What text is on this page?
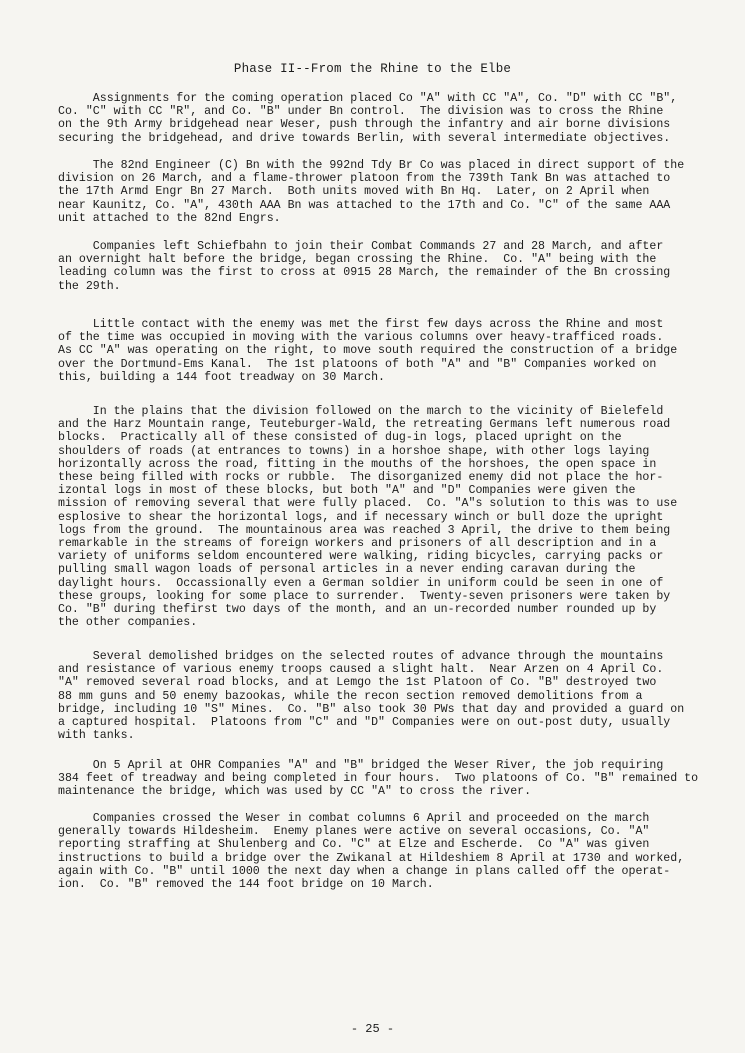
Phase II--From the Rhine to the Elbe

Assignments for the coming operation placed Co "A" with CC "A", Co. "D" with CC "B",
Co. "C" with CC "R", and Co. "B" under Bn control.  The division was to cross the Rhine
on the 9th Army bridgehead near Weser, push through the infantry and air borne divisions
securing the bridgehead, and drive towards Berlin, with several intermediate objectives.

The 82nd Engineer (C) Bn with the 992nd Tdy Br Co was placed in direct support of the
division on 26 March, and a flame-thrower platoon from the 739th Tank Bn was attached to
the 17th Armd Engr Bn 27 March.  Both units moved with Bn Hq.  Later, on 2 April when
near Kaunitz, Co. "A", 430th AAA Bn was attached to the 17th and Co. "C" of the same AAA
unit attached to the 82nd Engrs.

Companies left Schiefbahn to join their Combat Commands 27 and 28 March, and after
an overnight halt before the bridge, began crossing the Rhine.  Co. "A" being with the
leading column was the first to cross at 0915 28 March, the remainder of the Bn crossing
the 29th.

Little contact with the enemy was met the first few days across the Rhine and most
of the time was occupied in moving with the various columns over heavy-trafficed roads.
As CC "A" was operating on the right, to move south required the construction of a bridge
over the Dortmund-Ems Kanal.  The 1st platoons of both "A" and "B" Companies worked on
this, building a 144 foot treadway on 30 March.

In the plains that the division followed on the march to the vicinity of Bielefeld
and the Harz Mountain range, Teuteburger-Wald, the retreating Germans left numerous road
blocks.  Practically all of these consisted of dug-in logs, placed upright on the
shoulders of roads (at entrances to towns) in a horshoe shape, with other logs laying
horizontally across the road, fitting in the mouths of the horshoes, the open space in
these being filled with rocks or rubble.  The disorganized enemy did not place the hor-
izontal logs in most of these blocks, but both "A" and "D" Companies were given the
mission of removing several that were fully placed.  Co. "A"s solution to this was to use
esplosive to shear the horizontal logs, and if necessary winch or bull doze the upright
logs from the ground.  The mountainous area was reached 3 April, the drive to them being
remarkable in the streams of foreign workers and prisoners of all description and in a
variety of uniforms seldom encountered were walking, riding bicycles, carrying packs or
pulling small wagon loads of personal articles in a never ending caravan during the
daylight hours.  Occassionally even a German soldier in uniform could be seen in one of
these groups, looking for some place to surrender.  Twenty-seven prisoners were taken by
Co. "B" during thefirst two days of the month, and an un-recorded number rounded up by
the other companies.

Several demolished bridges on the selected routes of advance through the mountains
and resistance of various enemy troops caused a slight halt.  Near Arzen on 4 April Co.
"A" removed several road blocks, and at Lemgo the 1st Platoon of Co. "B" destroyed two
88 mm guns and 50 enemy bazookas, while the recon section removed demolitions from a
bridge, including 10 "S" Mines.  Co. "B" also took 30 PWs that day and provided a guard on
a captured hospital.  Platoons from "C" and "D" Companies were on out-post duty, usually
with tanks.

On 5 April at OHR Companies "A" and "B" bridged the Weser River, the job requiring
384 feet of treadway and being completed in four hours.  Two platoons of Co. "B" remained to
maintenance the bridge, which was used by CC "A" to cross the river.

Companies crossed the Weser in combat columns 6 April and proceeded on the march
generally towards Hildesheim.  Enemy planes were active on several occasions, Co. "A"
reporting straffing at Shulenberg and Co. "C" at Elze and Escherde.  Co "A" was given
instructions to build a bridge over the Zwikanal at Hildeshiem 8 April at 1730 and worked,
again with Co. "B" until 1000 the next day when a change in plans called off the operat-
ion.  Co. "B" removed the 144 foot bridge on 10 March.

- 25 -
